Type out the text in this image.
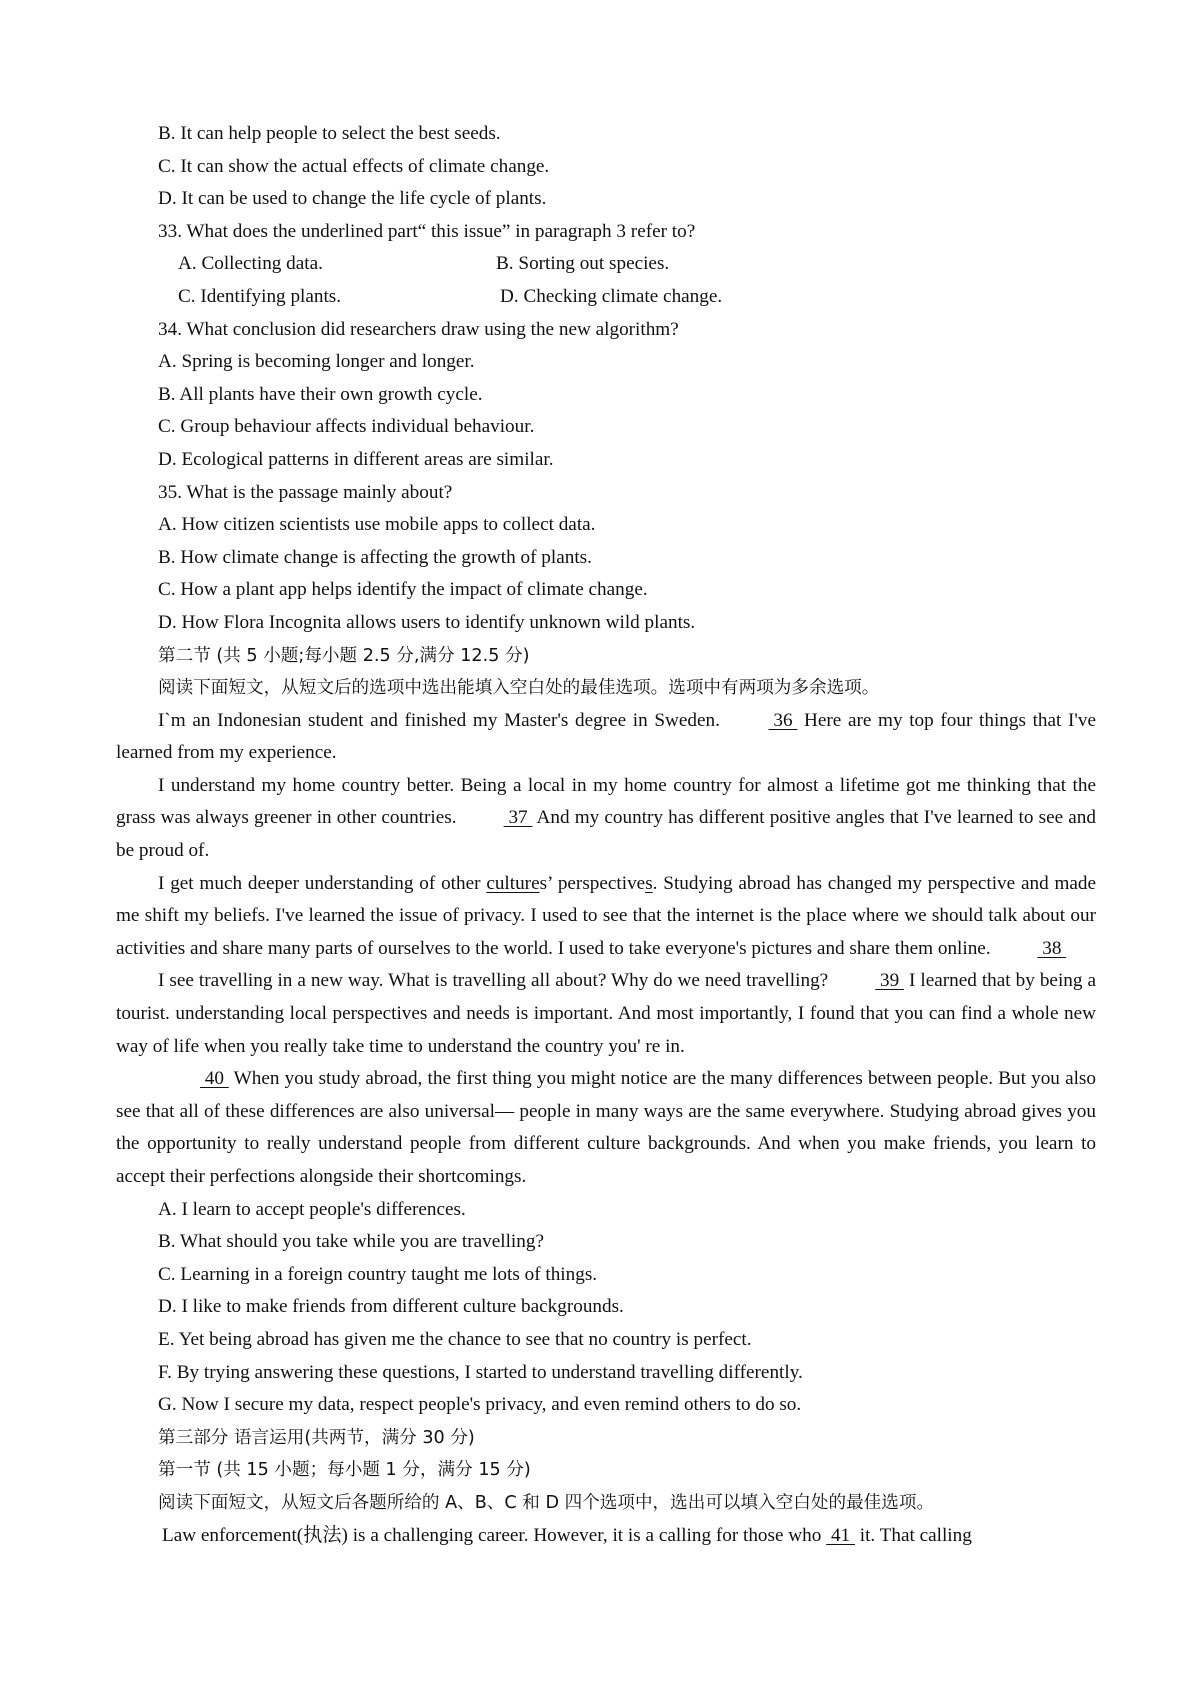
B. It can help people to select the best seeds.

C. It can show the actual effects of climate change.

D. It can be used to change the life cycle of plants.

33. What does the underlined part“ this issue” in paragraph 3 refer to?

A. Collecting data.	B. Sorting out species.
C. Identifying plants.	D. Checking climate change.

34. What conclusion did researchers draw using the new algorithm?

A. Spring is becoming longer and longer.

B. All plants have their own growth cycle.

C. Group behaviour affects individual behaviour.

D. Ecological patterns in different areas are similar.

35. What is the passage mainly about?

A. How citizen scientists use mobile apps to collect data.

B. How climate change is affecting the growth of plants.

C. How a plant app helps identify the impact of climate change.

D. How Flora Incognita allows users to identify unknown wild plants.

第二节 (共 5 小题;每小题 2.5 分,满分 12.5 分)

阅读下面短文，从短文后的选项中选出能填入空白处的最佳选项。选项中有两项为多余选项。

I`m an Indonesian student and finished my Master's degree in Sweden.  36  Here are my top four things that I've learned from my experience.

I understand my home country better. Being a local in my home country for almost a lifetime got me thinking that the grass was always greener in other countries.  37  And my country has different positive angles that I've learned to see and be proud of.

I get much deeper understanding of other cultures’ perspectives. Studying abroad has changed my perspective and made me shift my beliefs. I've learned the issue of privacy. I used to see that the internet is the place where we should talk about our activities and share many parts of ourselves to the world. I used to take everyone's pictures and share them online.  38

I see travelling in a new way. What is travelling all about? Why do we need travelling?  39  I learned that by being a tourist. understanding local perspectives and needs is important. And most importantly, I found that you can find a whole new way of life when you really take time to understand the country you' re in.

40  When you study abroad, the first thing you might notice are the many differences between people. But you also see that all of these differences are also universal— people in many ways are the same everywhere. Studying abroad gives you the opportunity to really understand people from different culture backgrounds. And when you make friends, you learn to accept their perfections alongside their shortcomings.

A. I learn to accept people's differences.

B. What should you take while you are travelling?

C. Learning in a foreign country taught me lots of things.

D. I like to make friends from different culture backgrounds.

E. Yet being abroad has given me the chance to see that no country is perfect.

F. By trying answering these questions, I started to understand travelling differently.

G. Now I secure my data, respect people's privacy, and even remind others to do so.

第三部分 语言运用(共两节，满分 30 分)

第一节 (共 15 小题；每小题 1 分，满分 15 分)

阅读下面短文，从短文后各题所给的 A、B、C 和 D 四个选项中，选出可以填入空白处的最佳选项。

Law enforcement(执法) is a challenging career. However, it is a calling for those who  41  it. That calling
